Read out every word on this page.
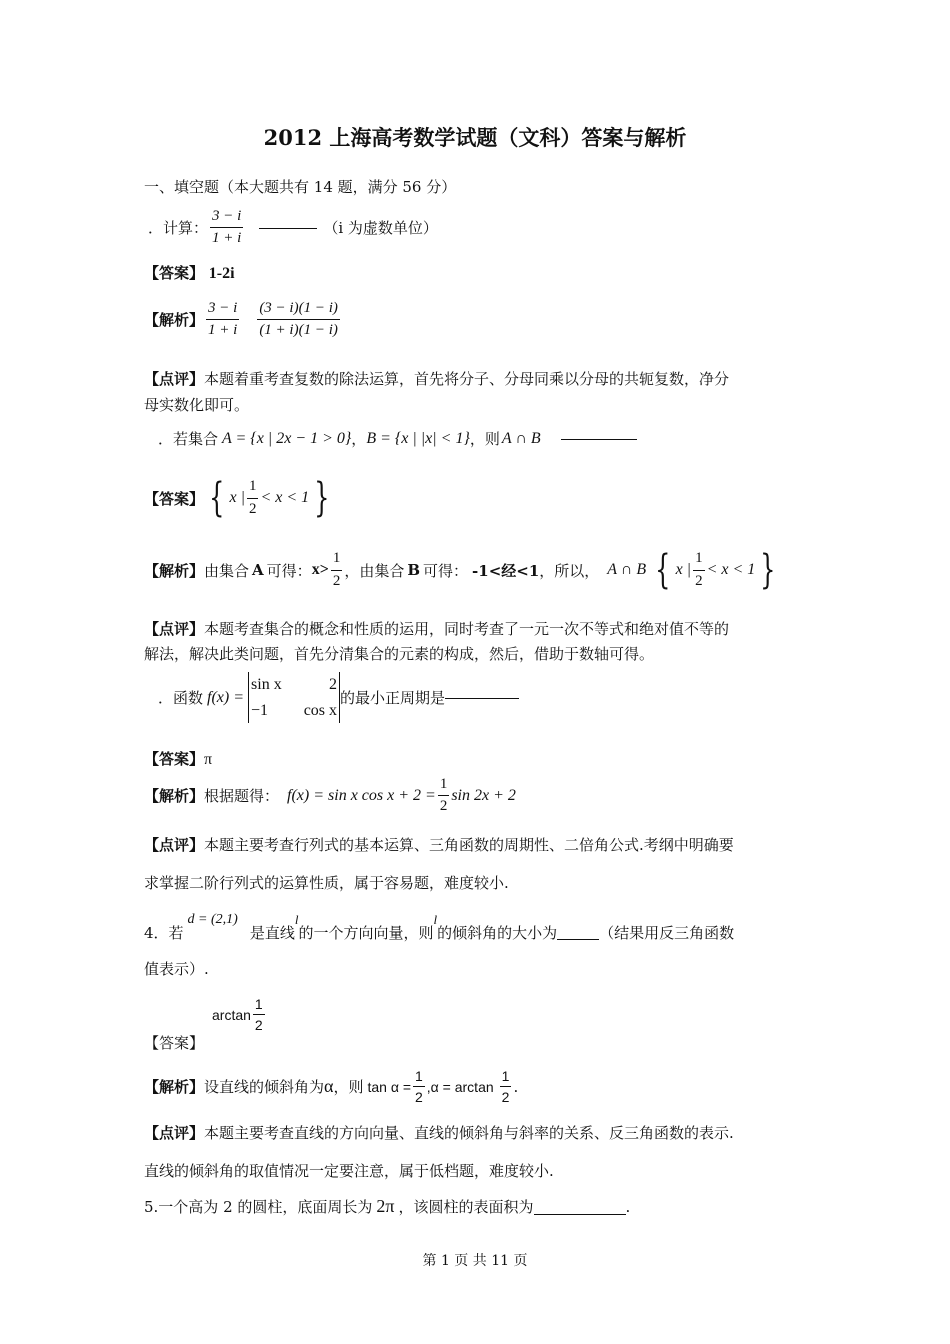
2012 上海高考数学试题（文科）答案与解析
一、填空题（本大题共有 14 题，满分 56 分）
．计算： $\frac{3 - i}{1 + i}$	（i 为虚数单位）
【答案】 1-2i
【解析】 $\frac{3 - i}{1 + i} \frac{(3 - i)(1 - i)}{(1 + i)(1 - i)}$
【点评】本题着重考查复数的除法运算，首先将分子、分母同乘以分母的共轭复数，净分
母实数化即可。
．若集合 A = {x | 2x − 1 > 0} ， B = {x | |x| < 1} ，则 A ∩ B
【答案】 { x | $\frac{1}{2} < x < 1$ }
【解析】 由集合 A 可得： $x> \frac{1}{2}$ ，由集合 B 可得： -1<经<1 ，所以， A ∩ B { x | $\frac{1}{2} < x < 1$ }
【点评】本题考查集合的概念和性质的运用，同时考查了一元一次不等式和绝对值不等的
解法，解决此类问题，首先分清集合的元素的构成，然后，借助于数轴可得。
．函数 f(x) =
sin x	2
−1	cos x
的最小正周期是
【答案】π
【解析】 根据题得： f(x) = sin x $\cos x + 2 = \frac{1}{2}$ sin 2x + 2
【点评】本题主要考查行列式的基本运算、三角函数的周期性、二倍角公式.考纲中明确要
求掌握二阶行列式的运算性质，属于容易题，难度较小.
4．若
d = (2,1)
是直线
l
的一个方向向量，则
l
的倾斜角的大小为	（结果用反三角函数
值表示）.
$\arctan \frac{1}{2}$
【答案】
【解析】 设直线的倾斜角为 α ，则 $\tan \alpha = \frac{1}{2} ,\alpha = \arctan \frac{1}{2}$ .
【点评】本题主要考查直线的方向向量、直线的倾斜角与斜率的关系、反三角函数的表示.
直线的倾斜角的取值情况一定要注意，属于低档题，难度较小.
5.一个高为 2 的圆柱，底面周长为 2π ，该圆柱的表面积为	.
第 1 页 共 11 页
